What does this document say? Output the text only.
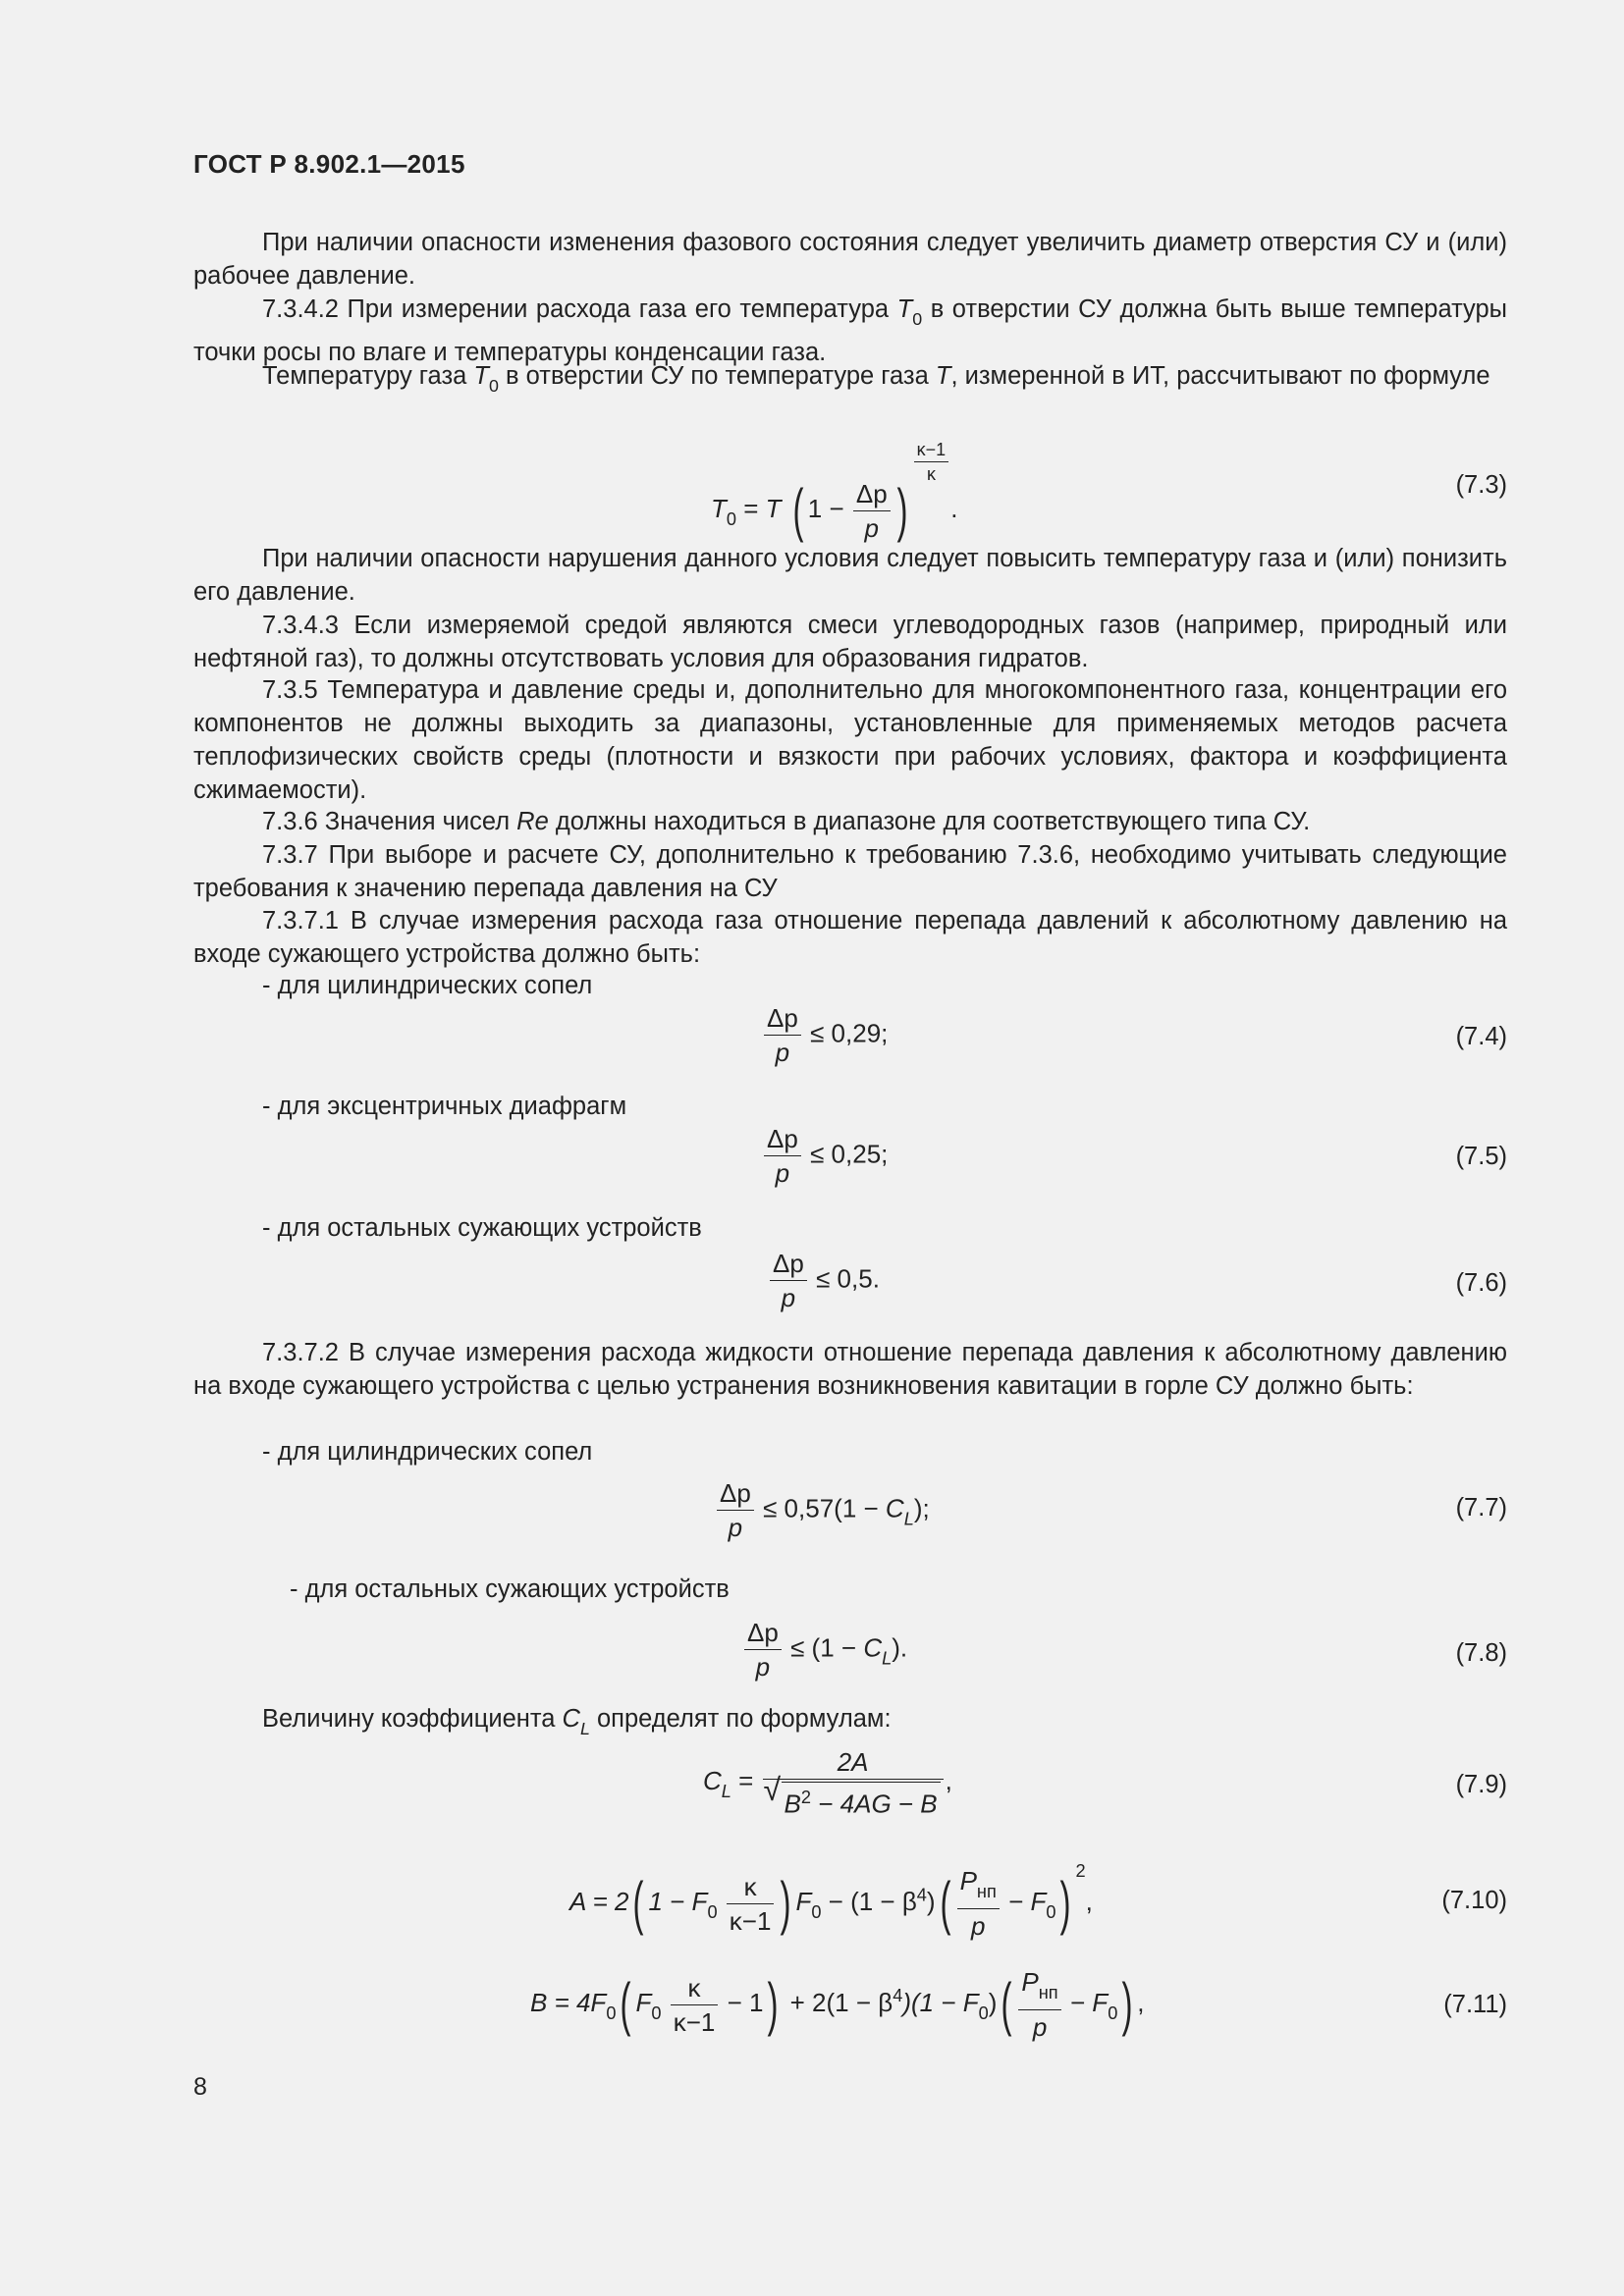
ГОСТ Р 8.902.1—2015
При наличии опасности изменения фазового состояния следует увеличить диаметр отверстия СУ и (или) рабочее давление.
7.3.4.2 При измерении расхода газа его температура $T_0$ в отверстии СУ должна быть выше температуры точки росы по влаге и температуры конденсации газа.
Температуру газа $T_0$ в отверстии СУ по температуре газа T, измеренной в ИТ, рассчитывают по формуле
$T_0 = T$ ( $1 - \frac{\Delta p}{p}$ )
$\frac{\kappa-1}{\kappa}$
.
(7.3)
При наличии опасности нарушения данного условия следует повысить температуру газа и (или) понизить его давление.
7.3.4.3 Если измеряемой средой являются смеси углеводородных газов (например, природный или нефтяной газ), то должны отсутствовать условия для образования гидратов.
7.3.5 Температура и давление среды и, дополнительно для многокомпонентного газа, концентрации его компонентов не должны выходить за диапазоны, установленные для применяемых методов расчета теплофизических свойств среды (плотности и вязкости при рабочих условиях, фактора и коэффициента сжимаемости).
7.3.6 Значения чисел Re должны находиться в диапазоне для соответствующего типа СУ.
7.3.7 При выборе и расчете СУ, дополнительно к требованию 7.3.6, необходимо учитывать следующие требования к значению перепада давления на СУ
7.3.7.1 В случае измерения расхода газа отношение перепада давлений к абсолютному давлению на входе сужающего устройства должно быть:
- для цилиндрических сопел
$\frac{\Delta p}{p} \le 0,29$;	(7.4)
- для эксцентричных диафрагм
$\frac{\Delta p}{p} \le 0,25$;	(7.5)
- для остальных сужающих устройств
$\frac{\Delta p}{p} \le 0,5$.	(7.6)
7.3.7.2 В случае измерения расхода жидкости отношение перепада давления к абсолютному давлению на входе сужающего устройства с целью устранения возникновения кавитации в горле СУ должно быть:
- для цилиндрических сопел
$\frac{\Delta p}{p} \le 0,57(1 - C_L)$;	(7.7)
- для остальных сужающих устройств
$\frac{\Delta p}{p} \le (1 - C_L)$.	(7.8)
Величину коэффициента $C_L$ определят по формулам:
$C_L = 2A$
√ $B^2 - 4AG - B$ ,	(7.9)
A = 2( $1 - F_0 \frac{\kappa}{\kappa-1}$ ) $F_0 - (1 - \beta^4)( \frac{P_{нп}}{p} - F_0)$ $^2$,	(7.10)
$B = 4F_0$( $F_0 \frac{\kappa}{\kappa-1} - 1) + 2(1 - \beta^4)(1 - F_0)( \frac{P_{нп}}{p} - F_0)$ ,	(7.11)
8
